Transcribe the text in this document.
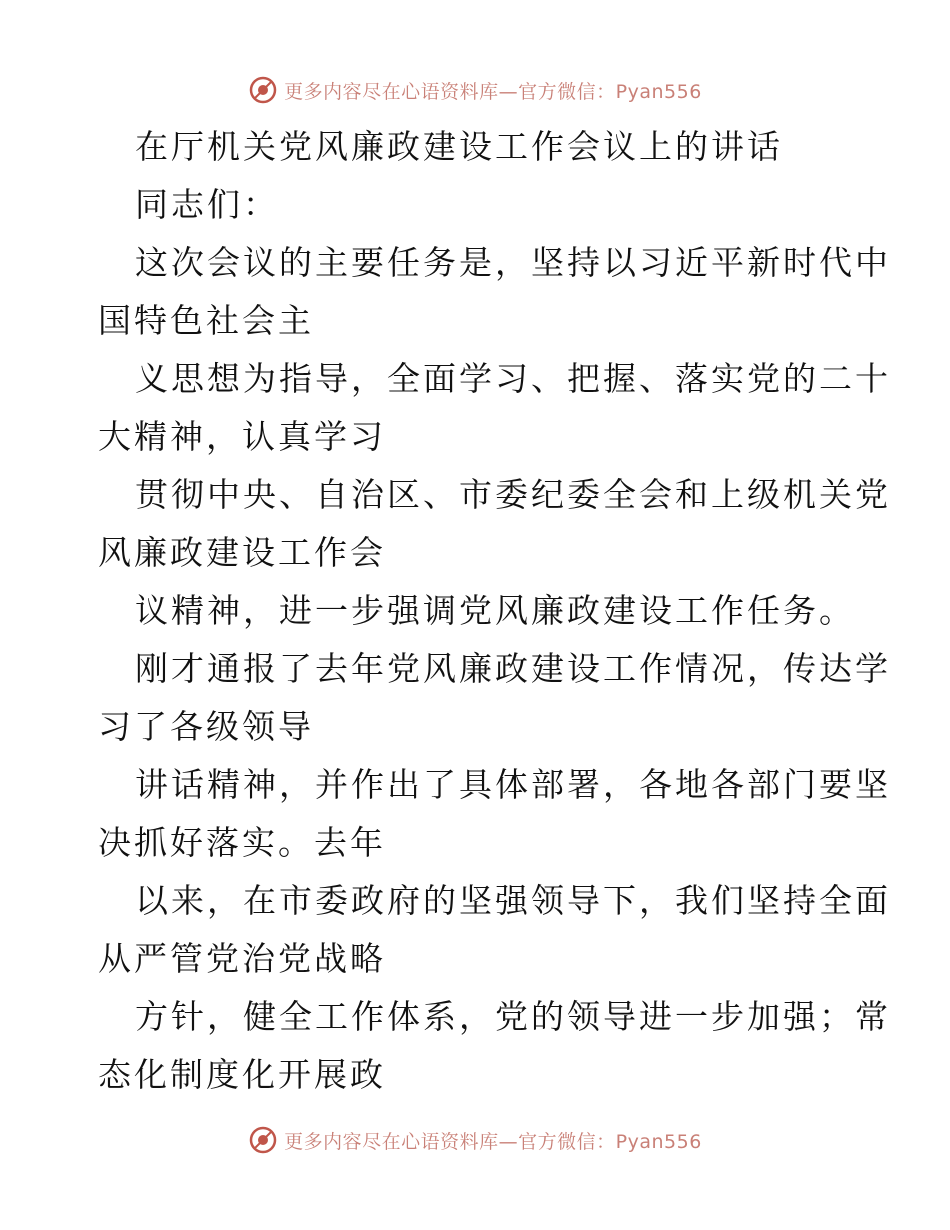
更多内容尽在心语资料库—官方微信：Pyan556
在厅机关党风廉政建设工作会议上的讲话
同志们：
这次会议的主要任务是，坚持以习近平新时代中
国特色社会主
义思想为指导，全面学习、把握、落实党的二十
大精神，认真学习
贯彻中央、自治区、市委纪委全会和上级机关党
风廉政建设工作会
议精神，进一步强调党风廉政建设工作任务。
刚才通报了去年党风廉政建设工作情况，传达学
习了各级领导
讲话精神，并作出了具体部署，各地各部门要坚
决抓好落实。去年
以来，在市委政府的坚强领导下，我们坚持全面
从严管党治党战略
方针，健全工作体系，党的领导进一步加强；常
态化制度化开展政
更多内容尽在心语资料库—官方微信：Pyan556
